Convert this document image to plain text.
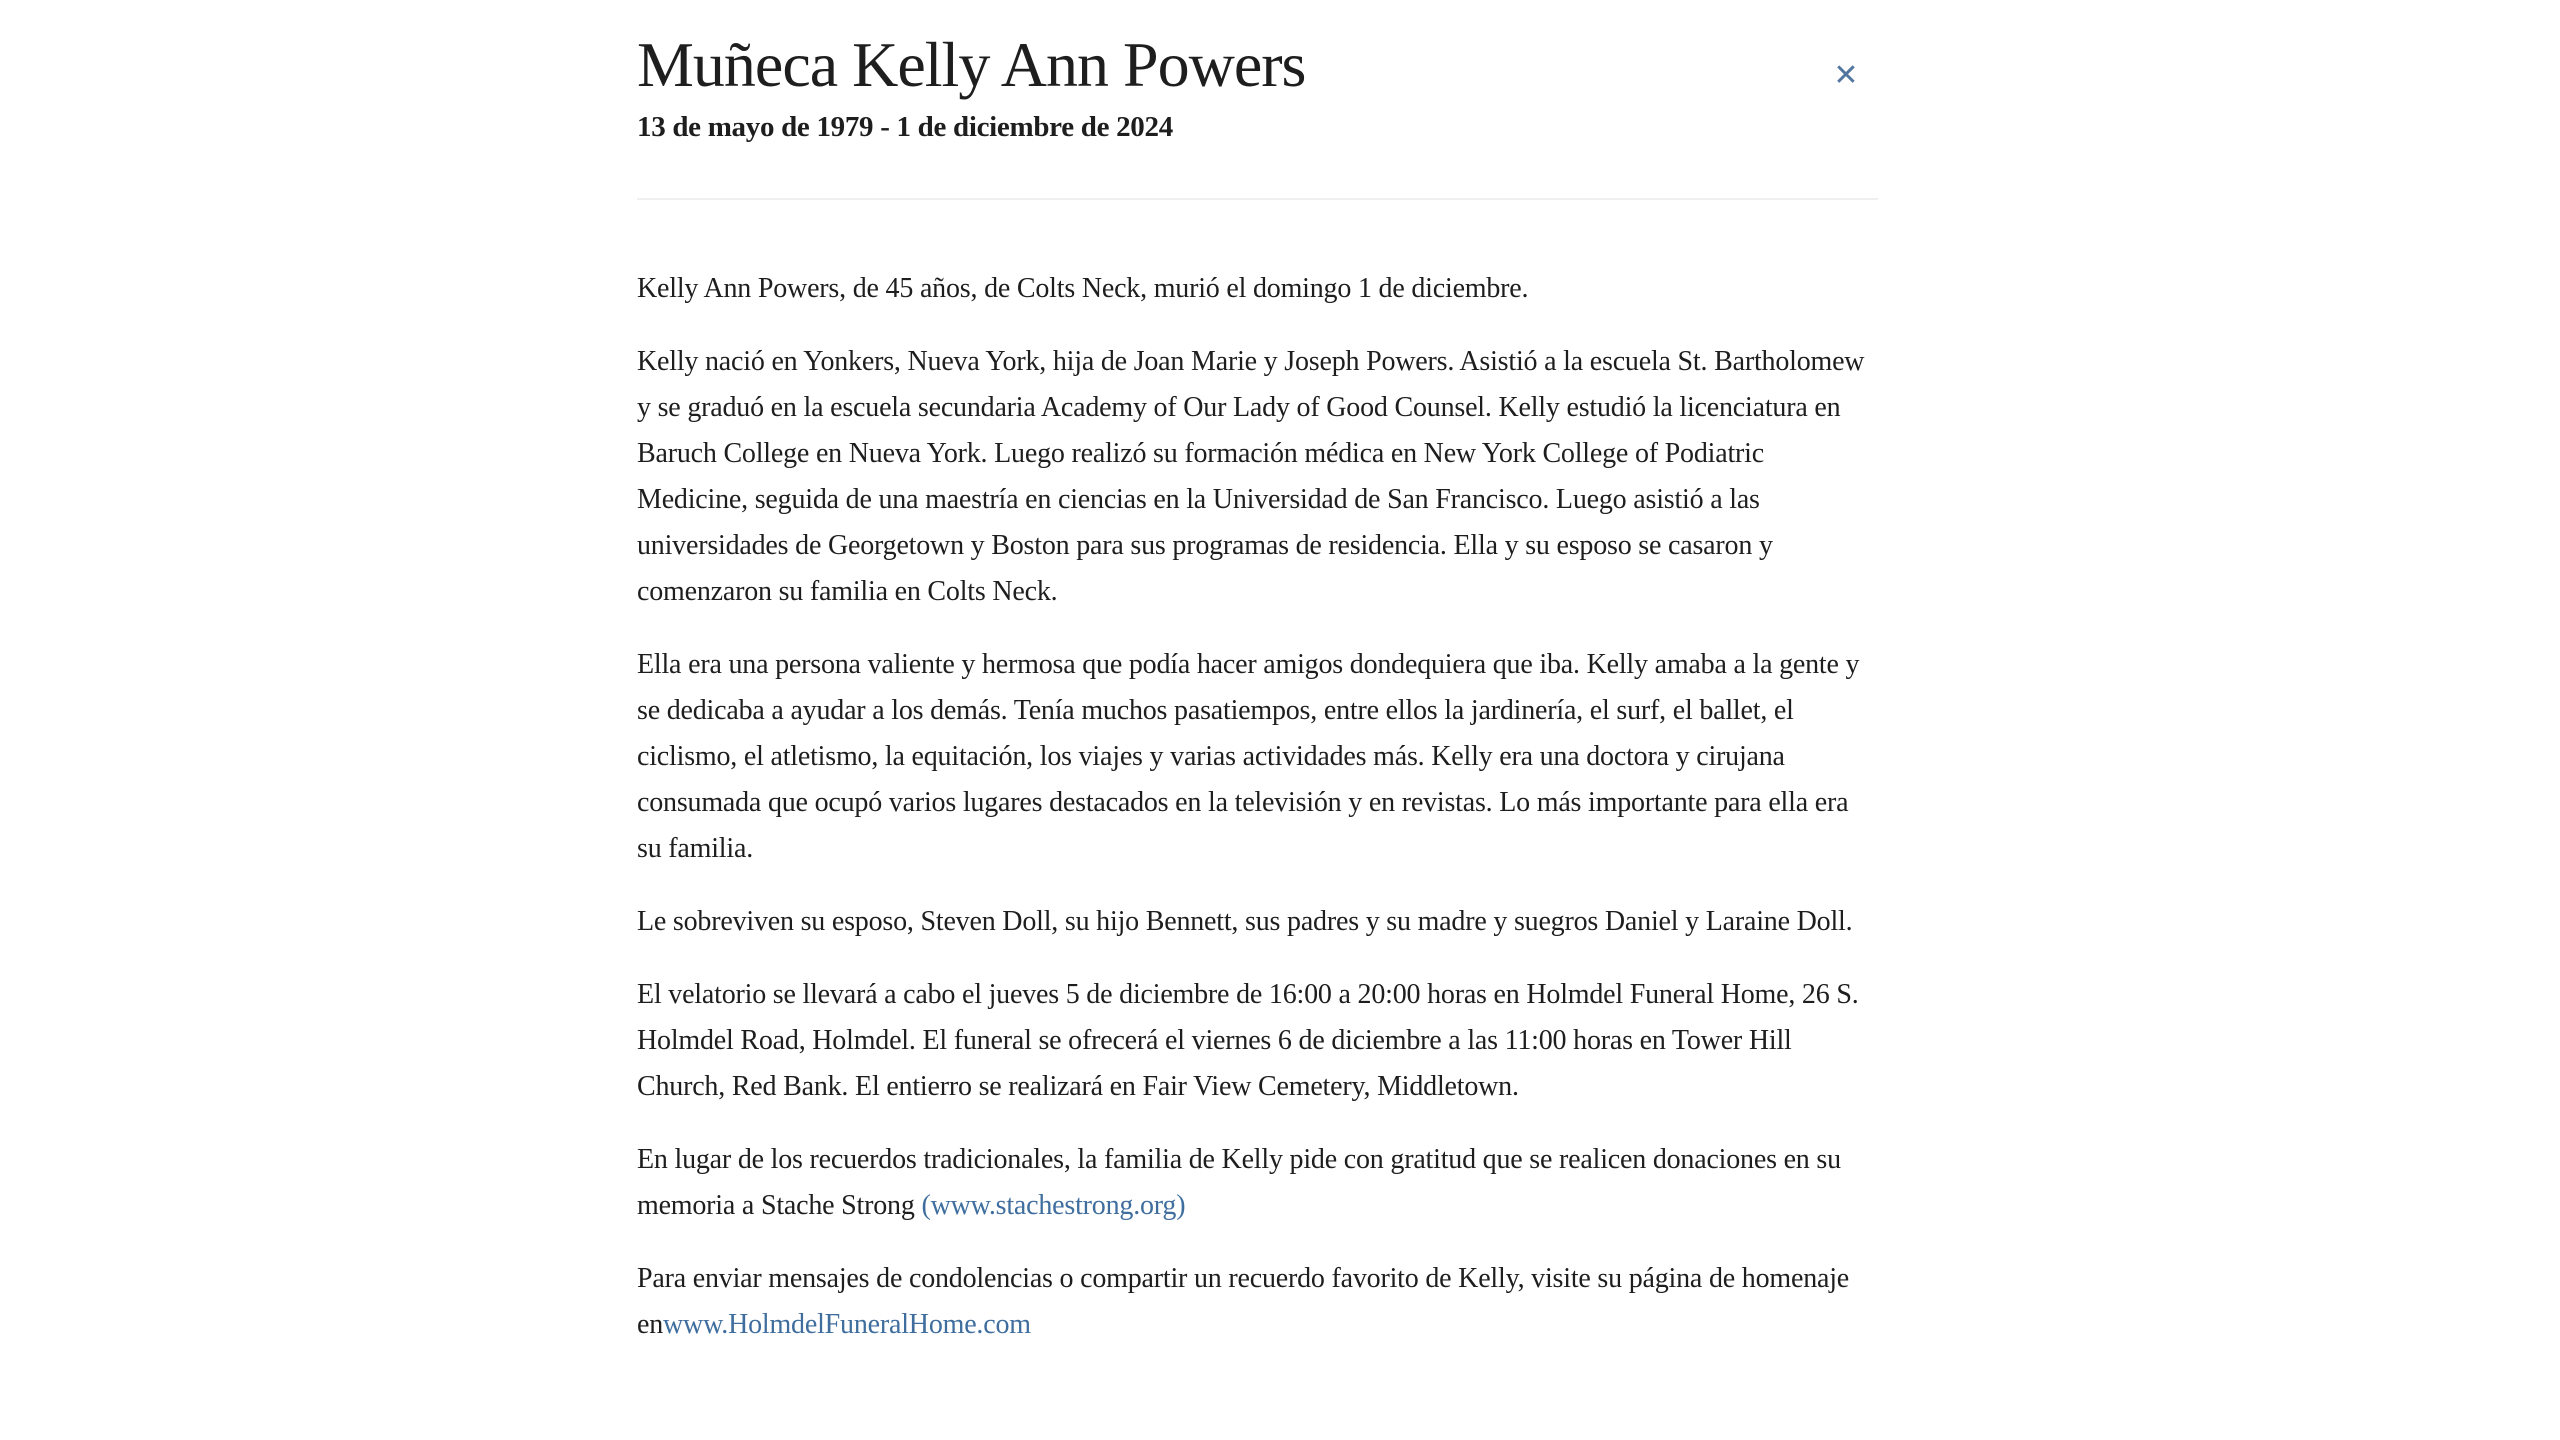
Muñeca Kelly Ann Powers
13 de mayo de 1979 - 1 de diciembre de 2024
✕

Kelly Ann Powers, de 45 años, de Colts Neck, murió el domingo 1 de diciembre.

Kelly nació en Yonkers, Nueva York, hija de Joan Marie y Joseph Powers. Asistió a la escuela St. Bartholomew y se graduó en la escuela secundaria Academy of Our Lady of Good Counsel. Kelly estudió la licenciatura en Baruch College en Nueva York. Luego realizó su formación médica en New York College of Podiatric Medicine, seguida de una maestría en ciencias en la Universidad de San Francisco. Luego asistió a las universidades de Georgetown y Boston para sus programas de residencia. Ella y su esposo se casaron y comenzaron su familia en Colts Neck.

Ella era una persona valiente y hermosa que podía hacer amigos dondequiera que iba. Kelly amaba a la gente y se dedicaba a ayudar a los demás. Tenía muchos pasatiempos, entre ellos la jardinería, el surf, el ballet, el ciclismo, el atletismo, la equitación, los viajes y varias actividades más. Kelly era una doctora y cirujana consumada que ocupó varios lugares destacados en la televisión y en revistas. Lo más importante para ella era su familia.

Le sobreviven su esposo, Steven Doll, su hijo Bennett, sus padres y su madre y suegros Daniel y Laraine Doll.

El velatorio se llevará a cabo el jueves 5 de diciembre de 16:00 a 20:00 horas en Holmdel Funeral Home, 26 S. Holmdel Road, Holmdel. El funeral se ofrecerá el viernes 6 de diciembre a las 11:00 horas en Tower Hill Church, Red Bank. El entierro se realizará en Fair View Cemetery, Middletown.

En lugar de los recuerdos tradicionales, la familia de Kelly pide con gratitud que se realicen donaciones en su memoria a Stache Strong (www.stachestrong.org)

Para enviar mensajes de condolencias o compartir un recuerdo favorito de Kelly, visite su página de homenaje enwww.HolmdelFuneralHome.com
